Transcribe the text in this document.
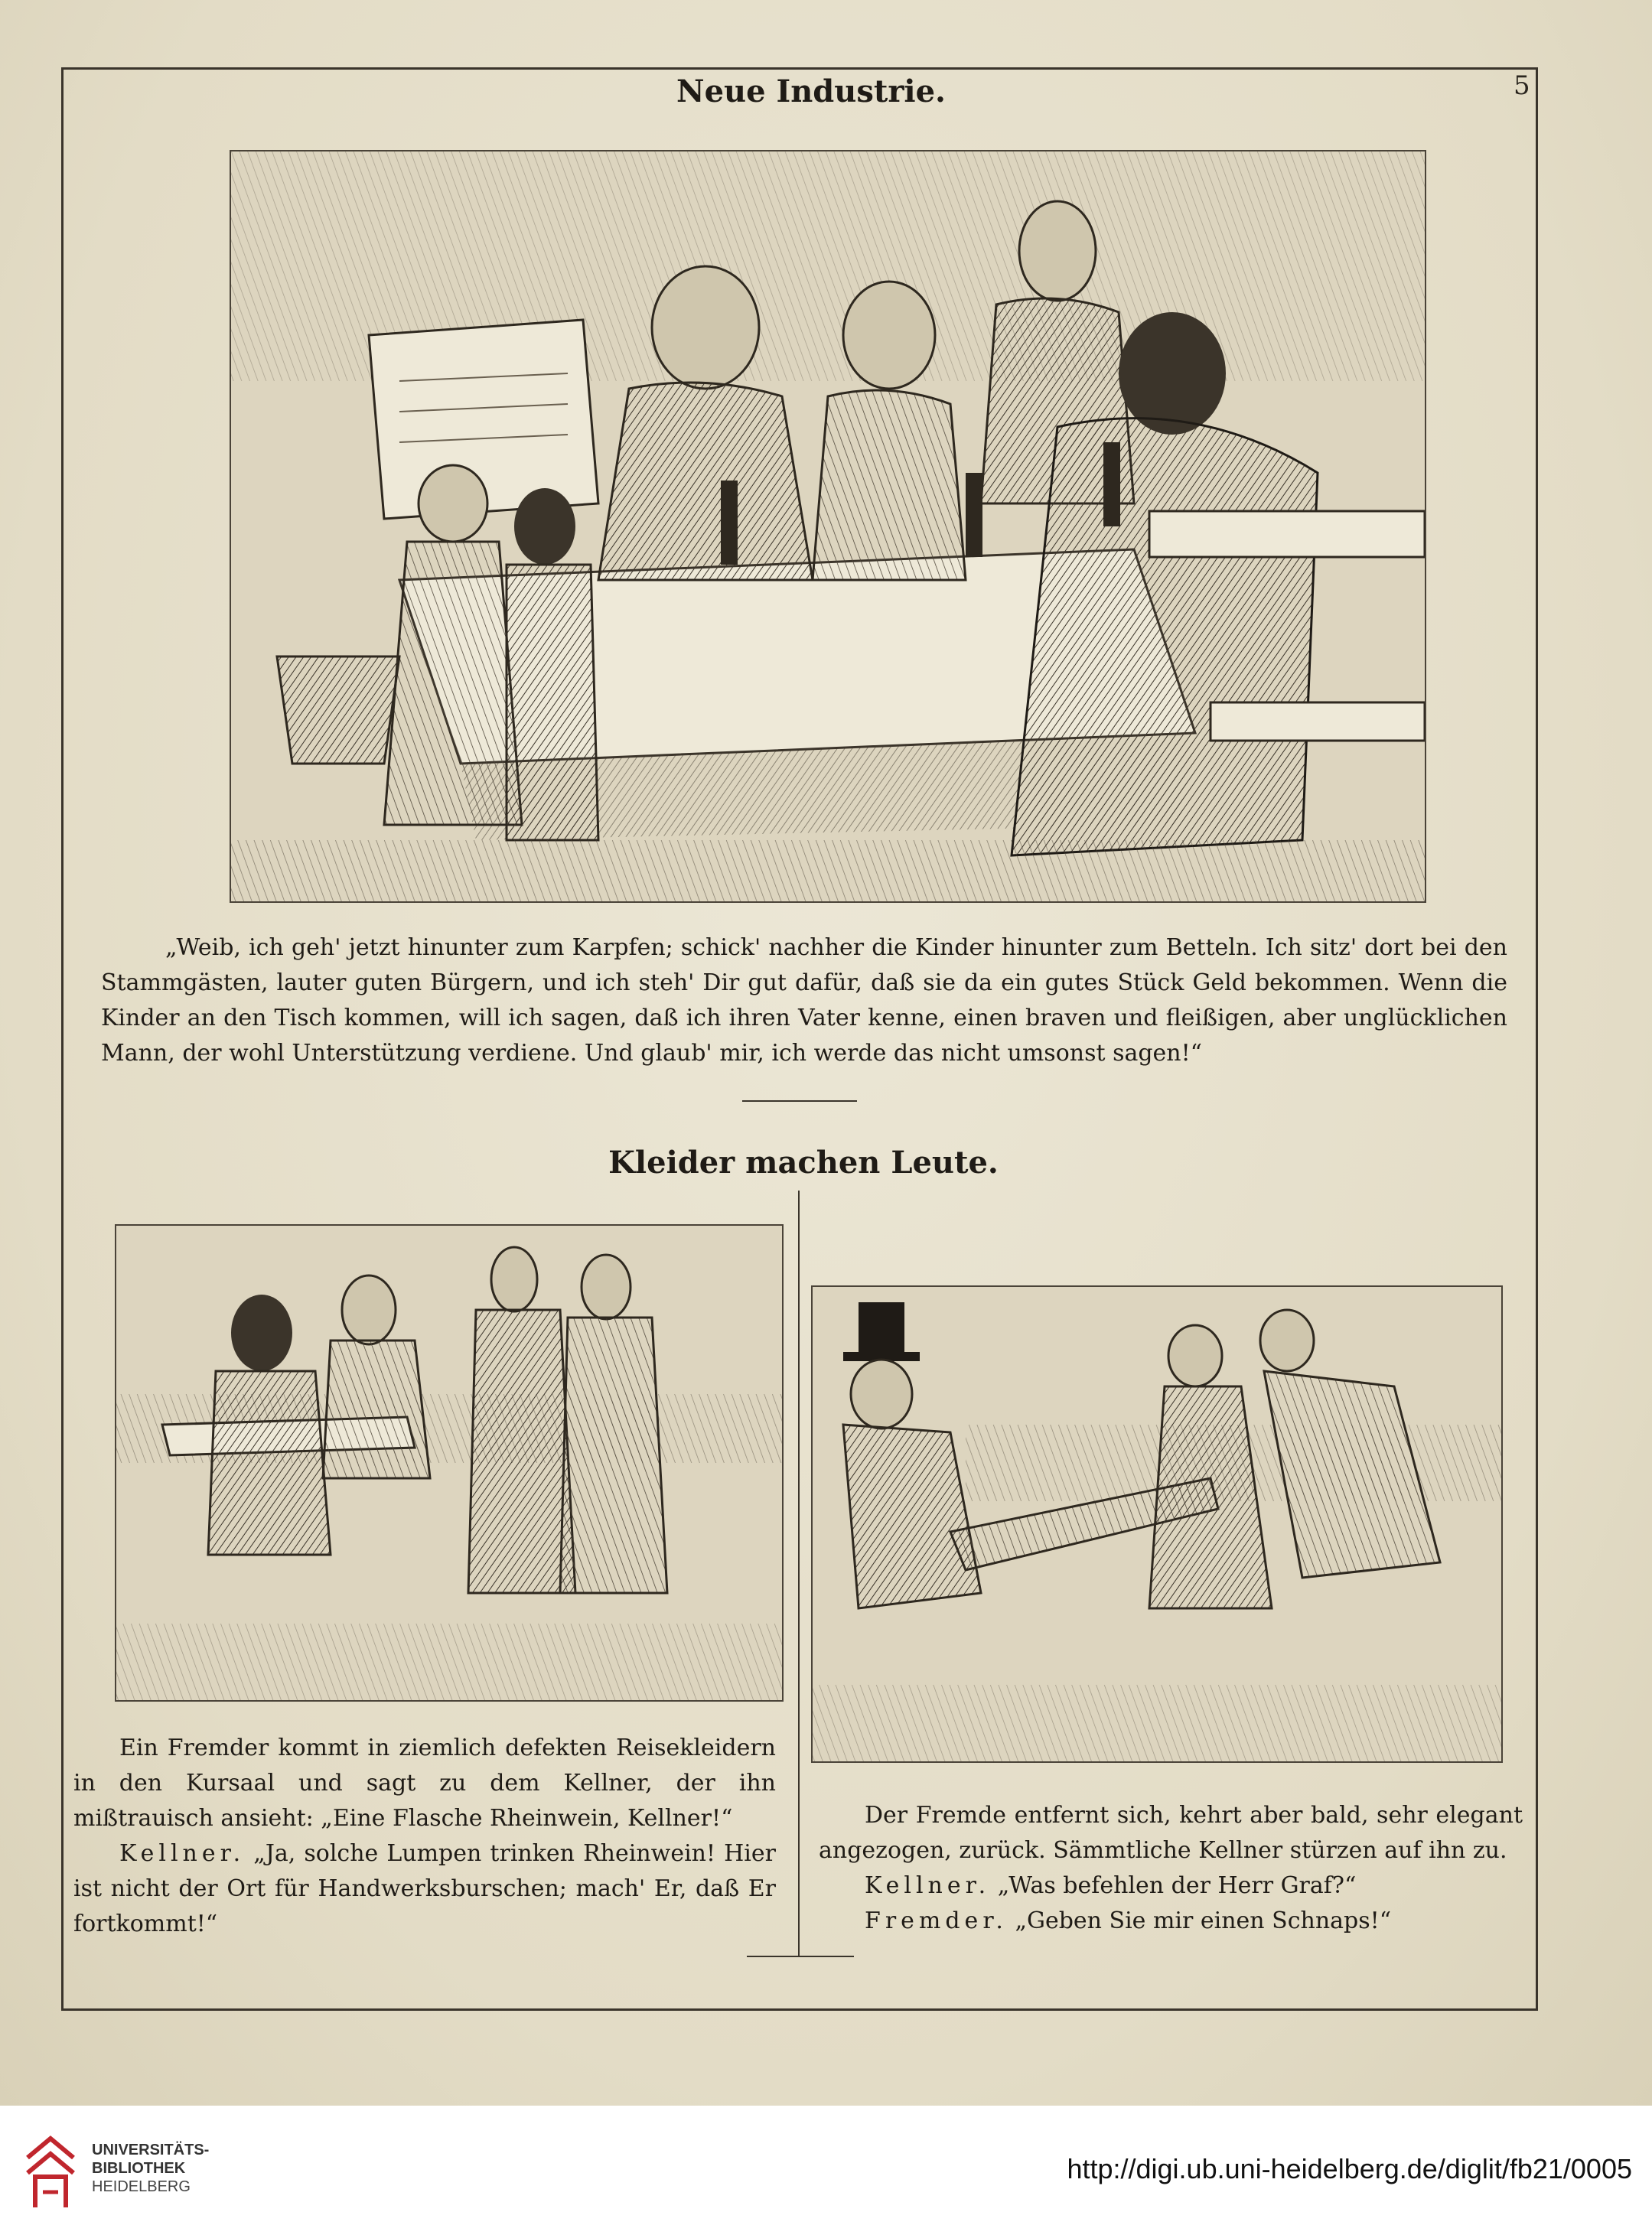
Neue Industrie.	5
„Weib, ich geh' jetzt hinunter zum Karpfen; schick' nachher die Kinder hinunter zum Betteln. Ich sitz' dort bei den Stammgästen, lauter guten Bürgern, und ich steh' Dir gut dafür, daß sie da ein gutes Stück Geld bekommen. Wenn die Kinder an den Tisch kommen, will ich sagen, daß ich ihren Vater kenne, einen braven und fleißigen, aber unglücklichen Mann, der wohl Unterstützung verdiene. Und glaub' mir, ich werde das nicht umsonst sagen!“
Kleider machen Leute.

Ein Fremder kommt in ziemlich defekten Reisekleidern in den Kursaal und sagt zu dem Kellner, der ihn mißtrauisch ansieht: „Eine Flasche Rheinwein, Kellner!“

Kellner. „Ja, solche Lumpen trinken Rheinwein! Hier ist nicht der Ort für Handwerksburschen; mach' Er, daß Er fortkommt!“

Der Fremde entfernt sich, kehrt aber bald, sehr elegant angezogen, zurück. Sämmtliche Kellner stürzen auf ihn zu.

Kellner. „Was befehlen der Herr Graf?“

Fremder. „Geben Sie mir einen Schnaps!“

UNIVERSITÄTS-
BIBLIOTHEK
HEIDELBERG
http://digi.ub.uni-heidelberg.de/diglit/fb21/0005
